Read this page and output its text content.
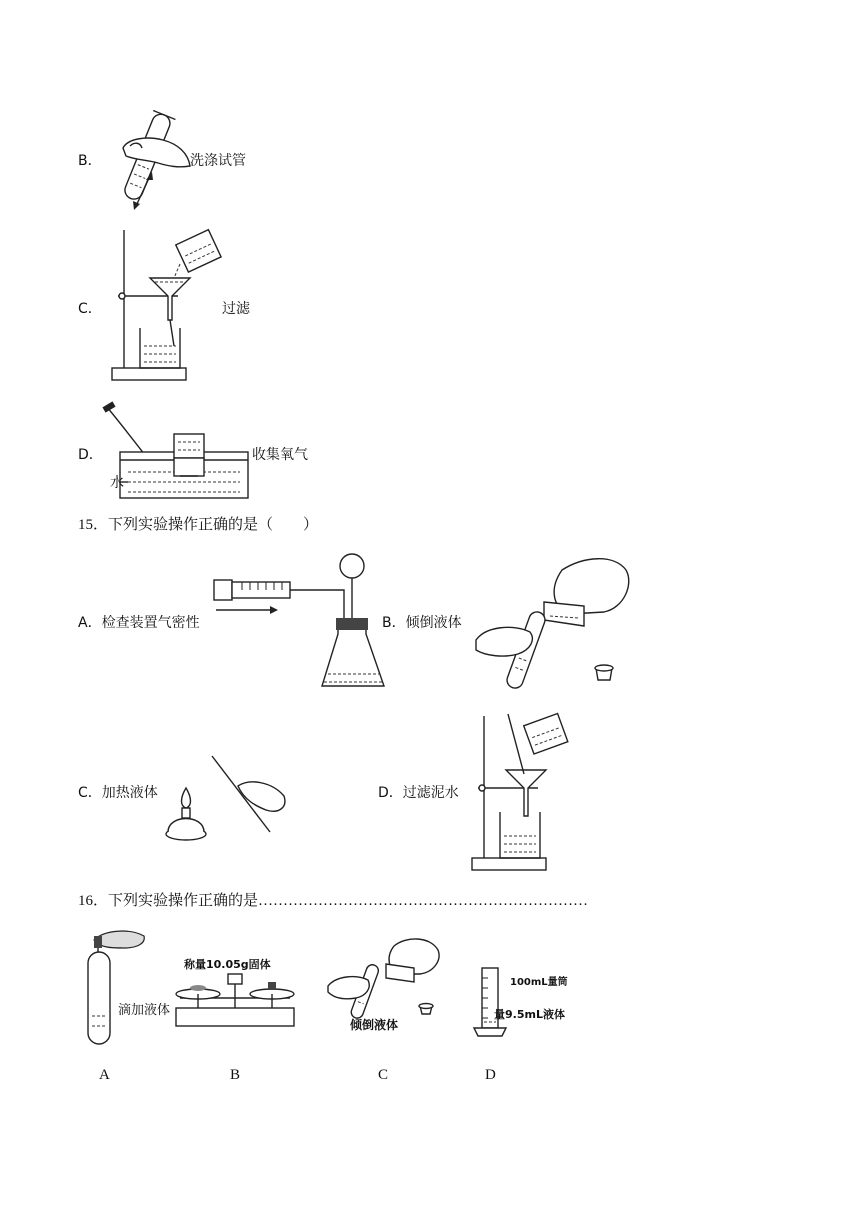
B．	洗涤试管
C．	过滤
D．
水
收集氧气
15．下列实验操作正确的是（　　）
A．检查装置气密性	B．倾倒液体
C．加热液体	D．过滤泥水
16．下列实验操作正确的是…………………………………………………………
滴加液体
A
称量10.05g固体
B
倾倒液体
C
100mL量筒
量9.5mL液体
D
